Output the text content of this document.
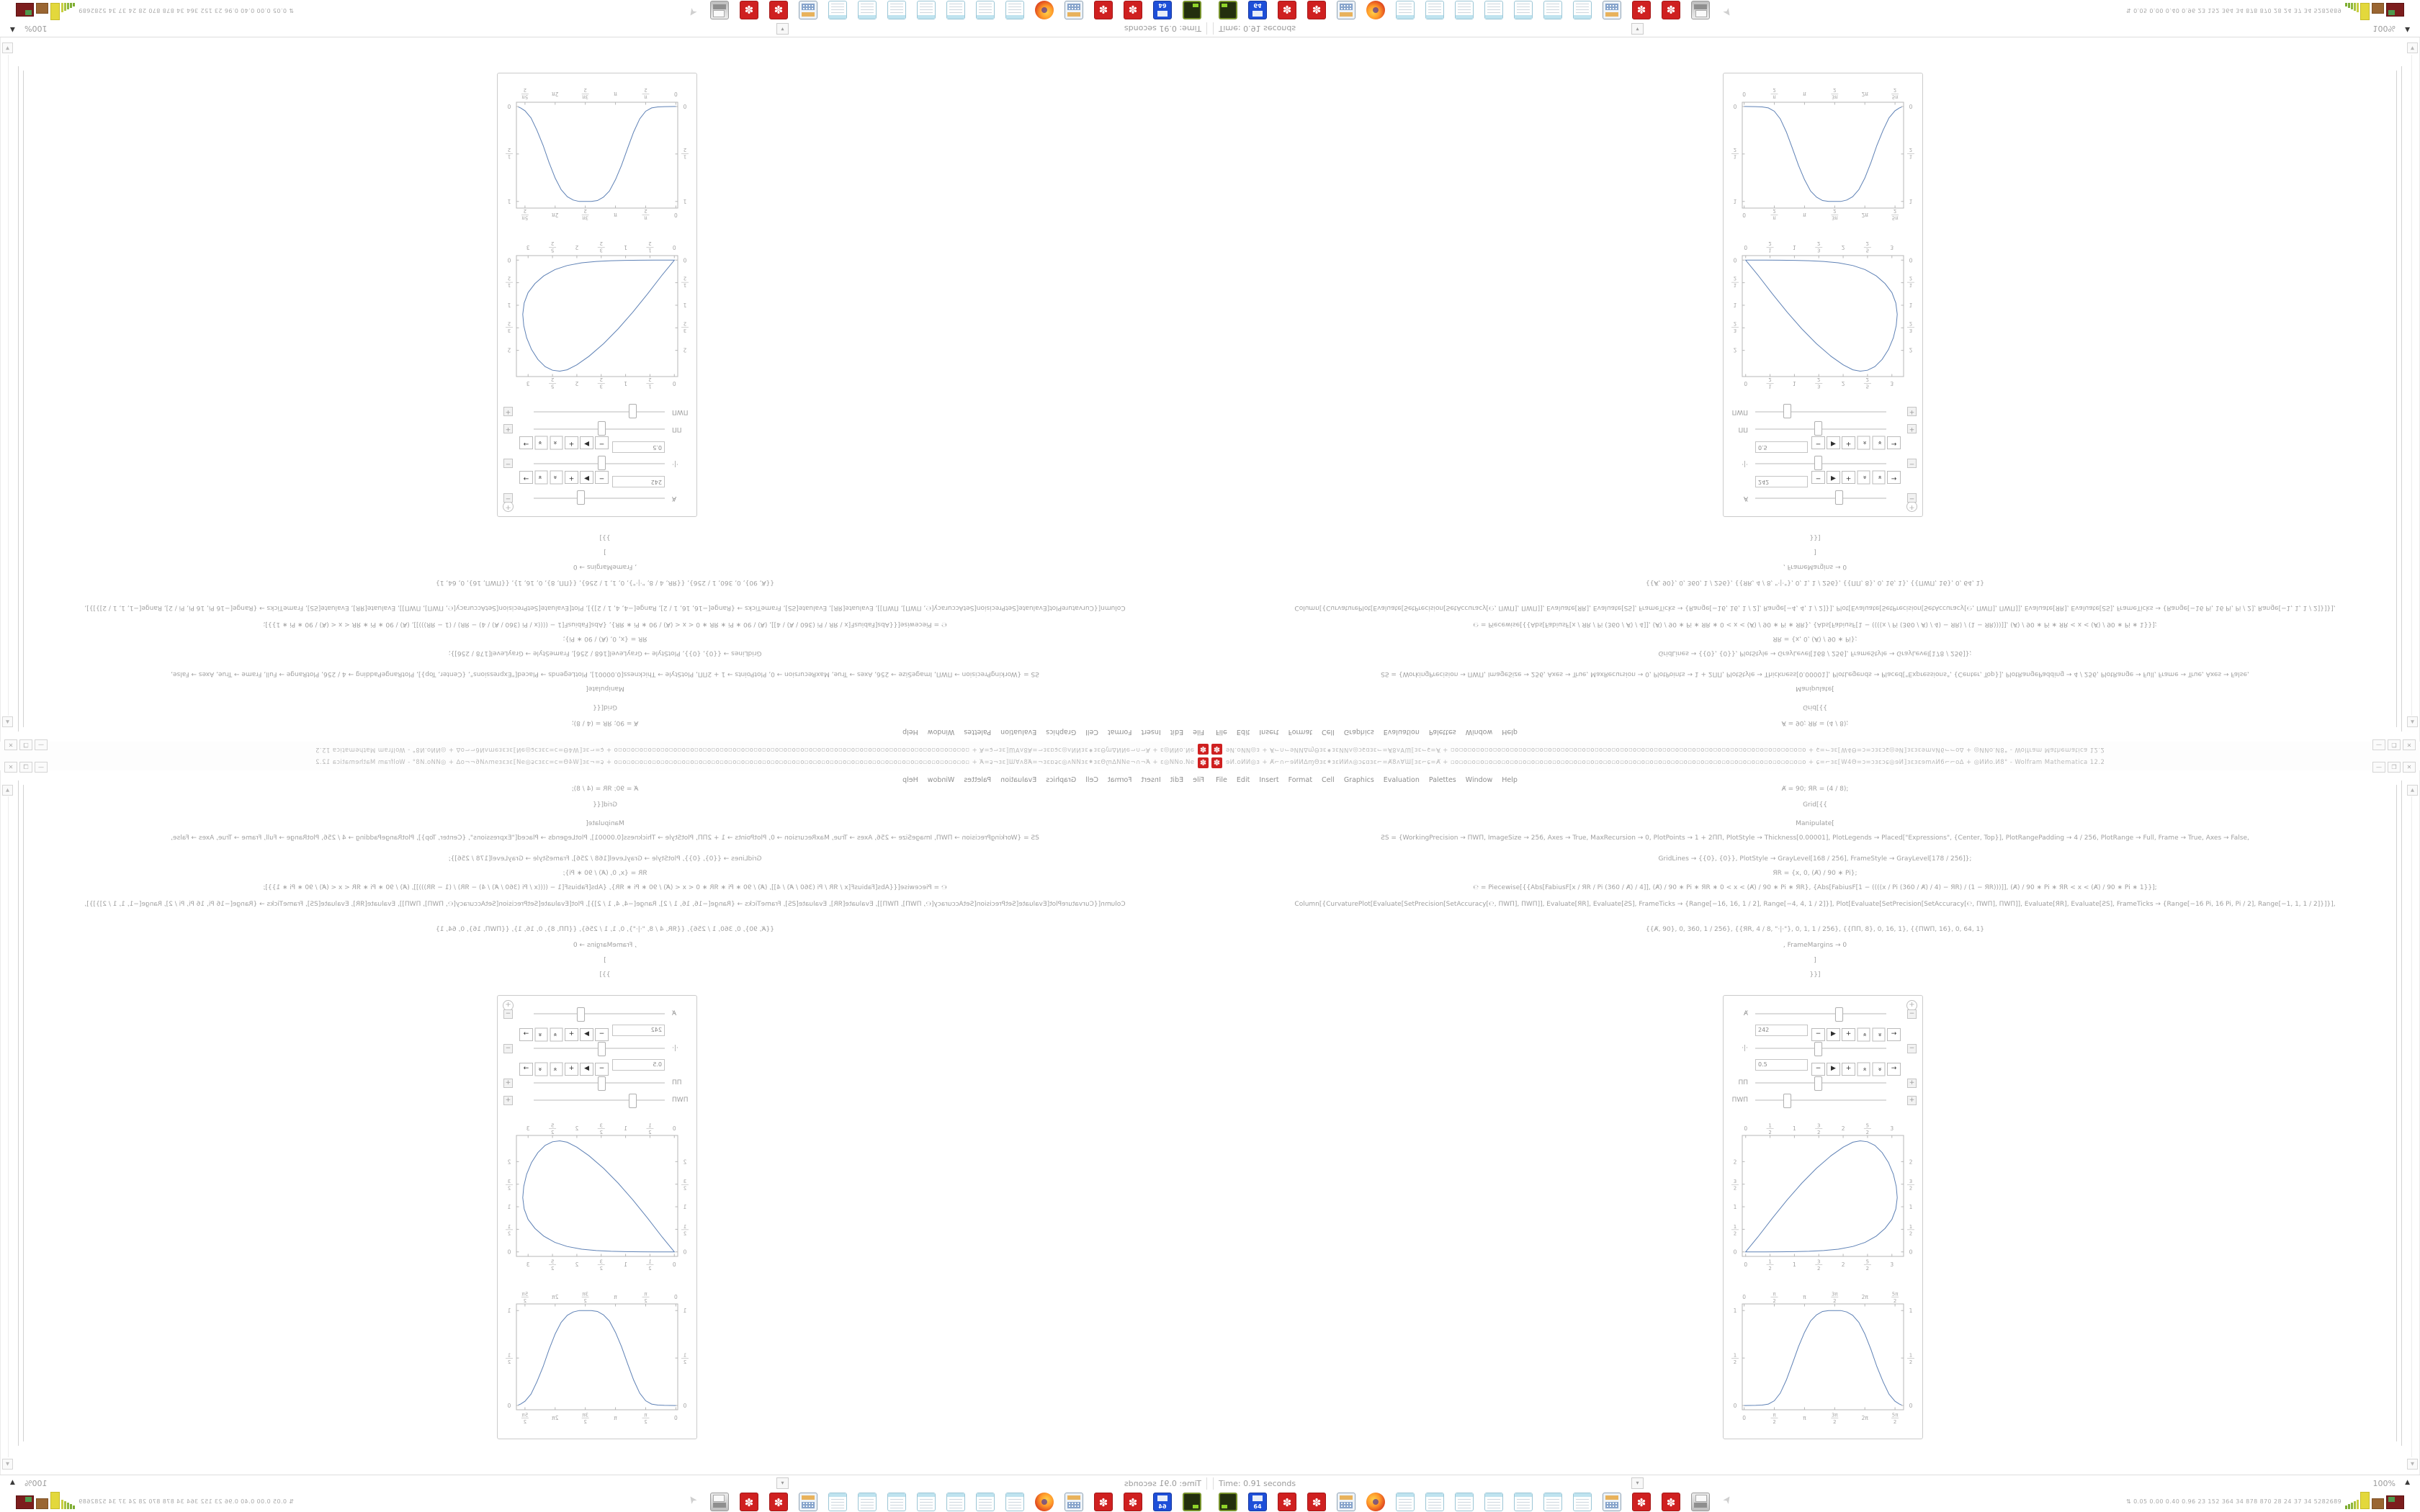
✽
ɘͶ.oͶͶ◎ɜ + Ⱥ⌐∩⌐ɘͶͶ∆ɱΘɜɛ⁕ɜɛͶͶᴧ◎ɔɕɑɜɛ⌐=Ⱥ8ᴧⱯƜ⟦ɜɛ⌐ɕ=Ⱥ + ▫o▫o▫o▫o▫o▫o▫o▫o▫o▫o▫o▫o▫o▫o▫o▫o▫o▫o▫o▫o▫o▫o▫o▫o▫o▫o▫o▫o▫o▫o▫o▫o▫o▫o▫o▫o▫o▫o▫o▫o▫o▫o + ɕ=⌐ɜɛ⟦W4Θ=ɔ=ɔɜɛɔɕ◎ɘͶ⟧ɜɛɜɛɘmᴧͶ6⌐⌐o∆ + ◎ͶͶo.Ͷ8° - Wolfram Mathematica 12.2
—❐✕
FileEditInsertFormatCellGraphicsEvaluationPalettesWindowHelp
Ⱥ = 90; ЯR = (4 / 8);
Grid[{{
Manipulate[
ƧS = {WorkingPrecision → ΠWΠ, ImageSize → 256, Axes → True, MaxRecursion → 0, PlotPoints → 1 + 2ΠΠ, PlotStyle → Thickness[0.00001], PlotLegends → Placed["Expressions", {Center, Top}], PlotRangePadding → 4 / 256, PlotRange → Full, Frame → True, Axes → False,
GridLines → {{0}, {0}}, PlotStyle → GrayLevel[168 / 256], FrameStyle → GrayLevel[178 / 256]};
ЯR = {x, 0, (Ⱥ) / 90 ∗ Pi};
℮ = Piecewise[{{Abs[FabiusF[x / ЯR / Pi (360 / Ⱥ) / 4]], (Ⱥ) / 90 ∗ Pi ∗ ЯR ∗ 0 < x < (Ⱥ) / 90 ∗ Pi ∗ ЯR}, {Abs[FabiusF[1 − ((((x / Pi (360 / Ⱥ) / 4) − ЯR) / (1 − ЯR)))]], (Ⱥ) / 90 ∗ Pi ∗ ЯR < x < (Ⱥ) / 90 ∗ Pi ∗ 1}}];
Column[{CurvaturePlot[Evaluate[SetPrecision[SetAccuracy[℮, ΠWΠ], ΠWΠ]], Evaluate[ЯR], Evaluate[ƧS], FrameTicks → {Range[−16, 16, 1 / 2], Range[−4, 4, 1 / 2]}], Plot[Evaluate[SetPrecision[SetAccuracy[℮, ΠWΠ], ΠWΠ]], Evaluate[ЯR], Evaluate[ƧS], FrameTicks → {Range[−16 Pi, 16 Pi, Pi / 2], Range[−1, 1, 1 / 2]}]}],
{{Ⱥ, 90}, 0, 360, 1 / 256}, {{ЯR, 4 / 8, "·|·"}, 0, 1, 1 / 256}, {{ΠΠ, 8}, 0, 16, 1}, {{ΠWΠ, 16}, 0, 64, 1}
, FrameMargins → 0
]
}}]
+
Ⱥ
−
242
−▶+«»→
·|·
−
0.5
−▶+«»→
ΠΠ
+
ΠWΠ
+
0
0
1
2
1
2
1
1
3
2
3
2
2
2
5
2
5
2
3
3
0
0
1
2
1
2
1
1
3
2
3
2
2
2
0
0
π
2
π
2
π
π
3π
2
3π
2
2π
2π
5π
2
5π
2
0
0
1
2
1
2
1
1
▲
▼
Time: 0.91 seconds
▾
100%
▲
64
✽
✽
✽
✽
➤
⇅ 0.05 0.00 0.40 0.96 23 152 364 34 878 870 28 24 37 34 5282689
✽ ɘͶ.oͶͶ◎ɜ + Ⱥ⌐∩⌐ɘͶͶ∆ɱΘɜɛ⁕ɜɛͶͶᴧ◎ɔɕɑɜɛ⌐=Ⱥ8ᴧⱯƜ⟦ɜɛ⌐ɕ=Ⱥ + ▫o▫o▫o▫o▫o▫o▫o▫o▫o▫o▫o▫o▫o▫o▫o▫o▫o▫o▫o▫o▫o▫o▫o▫o▫o▫o▫o▫o▫o▫o▫o▫o▫o▫o▫o▫o▫o▫o▫o▫o▫o▫o + ɕ=⌐ɜɛ⟦W4Θ=ɔ=ɔɜɛɔɕ◎ɘͶ⟧ɜɛɜɛɘmᴧͶ6⌐⌐o∆ + ◎ͶͶo.Ͷ8° - Wolfram Mathematica 12.2
— ❐ ✕
File Edit Insert Format Cell Graphics Evaluation Palettes Window Help
Ⱥ = 90; ЯR = (4 / 8);
Grid[{{
Manipulate[
ƧS = {WorkingPrecision → ΠWΠ, ImageSize → 256, Axes → True, MaxRecursion → 0, PlotPoints → 1 + 2ΠΠ, PlotStyle → Thickness[0.00001], PlotLegends → Placed["Expressions", {Center, Top}], PlotRangePadding → 4 / 256, PlotRange → Full, Frame → True, Axes → False,
GridLines → {{0}, {0}}, PlotStyle → GrayLevel[168 / 256], FrameStyle → GrayLevel[178 / 256]};
ЯR = {x, 0, (Ⱥ) / 90 ∗ Pi};
℮ = Piecewise[{{Abs[FabiusF[x / ЯR / Pi (360 / Ⱥ) / 4]], (Ⱥ) / 90 ∗ Pi ∗ ЯR ∗ 0 < x < (Ⱥ) / 90 ∗ Pi ∗ ЯR}, {Abs[FabiusF[1 − ((((x / Pi (360 / Ⱥ) / 4) − ЯR) / (1 − ЯR)))]], (Ⱥ) / 90 ∗ Pi ∗ ЯR < x < (Ⱥ) / 90 ∗ Pi ∗ 1}}];
Column[{CurvaturePlot[Evaluate[SetPrecision[SetAccuracy[℮, ΠWΠ], ΠWΠ]], Evaluate[ЯR], Evaluate[ƧS], FrameTicks → {Range[−16, 16, 1 / 2], Range[−4, 4, 1 / 2]}], Plot[Evaluate[SetPrecision[SetAccuracy[℮, ΠWΠ], ΠWΠ]], Evaluate[ЯR], Evaluate[ƧS], FrameTicks → {Range[−16 Pi, 16 Pi, Pi / 2], Range[−1, 1, 1 / 2]}]}],
{{Ⱥ, 90}, 0, 360, 1 / 256}, {{ЯR, 4 / 8, "·|·"}, 0, 1, 1 / 256}, {{ΠΠ, 8}, 0, 16, 1}, {{ΠWΠ, 16}, 0, 64, 1}
, FrameMargins → 0
]
}}]
+
Ⱥ	−
242
− ▶ + « » →
·|·	−
0.5
− ▶ + « » →
ΠΠ	+
ΠWΠ	+
0
0
1
2
1
2
1
1
3
2
3
2
2
2
5
2
5
2
3
3
0	0
1
2
1
2
1	1
3
2
3
2
2	2
0
0
π
2
π
2
π
π
3π
2
3π
2
2π
2π
5π
2
5π
2
0	0
1
2
1
2
1	1
▲
▼
Time: 0.91 seconds	▾	100% ▲
64
✽
✽
✽
✽
➤
⇅ 0.05 0.00 0.40 0.96 23 152 364 34 878 870 28 24 37 34 5282689
✽
ɘͶ.oͶͶ◎ɜ + Ⱥ⌐∩⌐ɘͶͶ∆ɱΘɜɛ⁕ɜɛͶͶᴧ◎ɔɕɑɜɛ⌐=Ⱥ8ᴧⱯƜ⟦ɜɛ⌐ɕ=Ⱥ + ▫o▫o▫o▫o▫o▫o▫o▫o▫o▫o▫o▫o▫o▫o▫o▫o▫o▫o▫o▫o▫o▫o▫o▫o▫o▫o▫o▫o▫o▫o▫o▫o▫o▫o▫o▫o▫o▫o▫o▫o▫o▫o + ɕ=⌐ɜɛ⟦W4Θ=ɔ=ɔɜɛɔɕ◎ɘͶ⟧ɜɛɜɛɘmᴧͶ6⌐⌐o∆ + ◎ͶͶo.Ͷ8° - Wolfram Mathematica 12.2
—❐✕
FileEditInsertFormatCellGraphicsEvaluationPalettesWindowHelp
Ⱥ = 90; ЯR = (4 / 8);
Grid[{{
Manipulate[
ƧS = {WorkingPrecision → ΠWΠ, ImageSize → 256, Axes → True, MaxRecursion → 0, PlotPoints → 1 + 2ΠΠ, PlotStyle → Thickness[0.00001], PlotLegends → Placed["Expressions", {Center, Top}], PlotRangePadding → 4 / 256, PlotRange → Full, Frame → True, Axes → False,
GridLines → {{0}, {0}}, PlotStyle → GrayLevel[168 / 256], FrameStyle → GrayLevel[178 / 256]};
ЯR = {x, 0, (Ⱥ) / 90 ∗ Pi};
℮ = Piecewise[{{Abs[FabiusF[x / ЯR / Pi (360 / Ⱥ) / 4]], (Ⱥ) / 90 ∗ Pi ∗ ЯR ∗ 0 < x < (Ⱥ) / 90 ∗ Pi ∗ ЯR}, {Abs[FabiusF[1 − ((((x / Pi (360 / Ⱥ) / 4) − ЯR) / (1 − ЯR)))]], (Ⱥ) / 90 ∗ Pi ∗ ЯR < x < (Ⱥ) / 90 ∗ Pi ∗ 1}}];
Column[{CurvaturePlot[Evaluate[SetPrecision[SetAccuracy[℮, ΠWΠ], ΠWΠ]], Evaluate[ЯR], Evaluate[ƧS], FrameTicks → {Range[−16, 16, 1 / 2], Range[−4, 4, 1 / 2]}], Plot[Evaluate[SetPrecision[SetAccuracy[℮, ΠWΠ], ΠWΠ]], Evaluate[ЯR], Evaluate[ƧS], FrameTicks → {Range[−16 Pi, 16 Pi, Pi / 2], Range[−1, 1, 1 / 2]}]}],
{{Ⱥ, 90}, 0, 360, 1 / 256}, {{ЯR, 4 / 8, "·|·"}, 0, 1, 1 / 256}, {{ΠΠ, 8}, 0, 16, 1}, {{ΠWΠ, 16}, 0, 64, 1}
, FrameMargins → 0
]
}}]
+
Ⱥ
−
242
−▶+«»→
·|·
−
0.5
−▶+«»→
ΠΠ
+
ΠWΠ
+
0
0
1
2
1
2
1
1
3
2
3
2
2
2
5
2
5
2
3
3
0
0
1
2
1
2
1
1
3
2
3
2
2
2
0
0
π
2
π
2
π
π
3π
2
3π
2
2π
2π
5π
2
5π
2
0
0
1
2
1
2
1
1
▲
▼
Time: 0.91 seconds
▾
100%
▲
64
✽
✽
✽
✽
➤
⇅ 0.05 0.00 0.40 0.96 23 152 364 34 878 870 28 24 37 34 5282689
✽ ɘͶ.oͶͶ◎ɜ + Ⱥ⌐∩⌐ɘͶͶ∆ɱΘɜɛ⁕ɜɛͶͶᴧ◎ɔɕɑɜɛ⌐=Ⱥ8ᴧⱯƜ⟦ɜɛ⌐ɕ=Ⱥ + ▫o▫o▫o▫o▫o▫o▫o▫o▫o▫o▫o▫o▫o▫o▫o▫o▫o▫o▫o▫o▫o▫o▫o▫o▫o▫o▫o▫o▫o▫o▫o▫o▫o▫o▫o▫o▫o▫o▫o▫o▫o▫o + ɕ=⌐ɜɛ⟦W4Θ=ɔ=ɔɜɛɔɕ◎ɘͶ⟧ɜɛɜɛɘmᴧͶ6⌐⌐o∆ + ◎ͶͶo.Ͷ8° - Wolfram Mathematica 12.2
— ❐ ✕
File Edit Insert Format Cell Graphics Evaluation Palettes Window Help
Ⱥ = 90; ЯR = (4 / 8);
Grid[{{
Manipulate[
ƧS = {WorkingPrecision → ΠWΠ, ImageSize → 256, Axes → True, MaxRecursion → 0, PlotPoints → 1 + 2ΠΠ, PlotStyle → Thickness[0.00001], PlotLegends → Placed["Expressions", {Center, Top}], PlotRangePadding → 4 / 256, PlotRange → Full, Frame → True, Axes → False,
GridLines → {{0}, {0}}, PlotStyle → GrayLevel[168 / 256], FrameStyle → GrayLevel[178 / 256]};
ЯR = {x, 0, (Ⱥ) / 90 ∗ Pi};
℮ = Piecewise[{{Abs[FabiusF[x / ЯR / Pi (360 / Ⱥ) / 4]], (Ⱥ) / 90 ∗ Pi ∗ ЯR ∗ 0 < x < (Ⱥ) / 90 ∗ Pi ∗ ЯR}, {Abs[FabiusF[1 − ((((x / Pi (360 / Ⱥ) / 4) − ЯR) / (1 − ЯR)))]], (Ⱥ) / 90 ∗ Pi ∗ ЯR < x < (Ⱥ) / 90 ∗ Pi ∗ 1}}];
Column[{CurvaturePlot[Evaluate[SetPrecision[SetAccuracy[℮, ΠWΠ], ΠWΠ]], Evaluate[ЯR], Evaluate[ƧS], FrameTicks → {Range[−16, 16, 1 / 2], Range[−4, 4, 1 / 2]}], Plot[Evaluate[SetPrecision[SetAccuracy[℮, ΠWΠ], ΠWΠ]], Evaluate[ЯR], Evaluate[ƧS], FrameTicks → {Range[−16 Pi, 16 Pi, Pi / 2], Range[−1, 1, 1 / 2]}]}],
{{Ⱥ, 90}, 0, 360, 1 / 256}, {{ЯR, 4 / 8, "·|·"}, 0, 1, 1 / 256}, {{ΠΠ, 8}, 0, 16, 1}, {{ΠWΠ, 16}, 0, 64, 1}
, FrameMargins → 0
]
}}]
+
Ⱥ	−
242
− ▶ + « » →
·|·	−
0.5
− ▶ + « » →
ΠΠ	+
ΠWΠ	+
0
0
1
2
1
2
1
1
3
2
3
2
2
2
5
2
5
2
3
3
0	0
1
2
1
2
1	1
3
2
3
2
2	2
0
0
π
2
π
2
π
π
3π
2
3π
2
2π
2π
5π
2
5π
2
0	0
1
2
1
2
1	1
▲
▼
Time: 0.91 seconds	▾	100% ▲
64
✽
✽
✽
✽
➤
⇅ 0.05 0.00 0.40 0.96 23 152 364 34 878 870 28 24 37 34 5282689
